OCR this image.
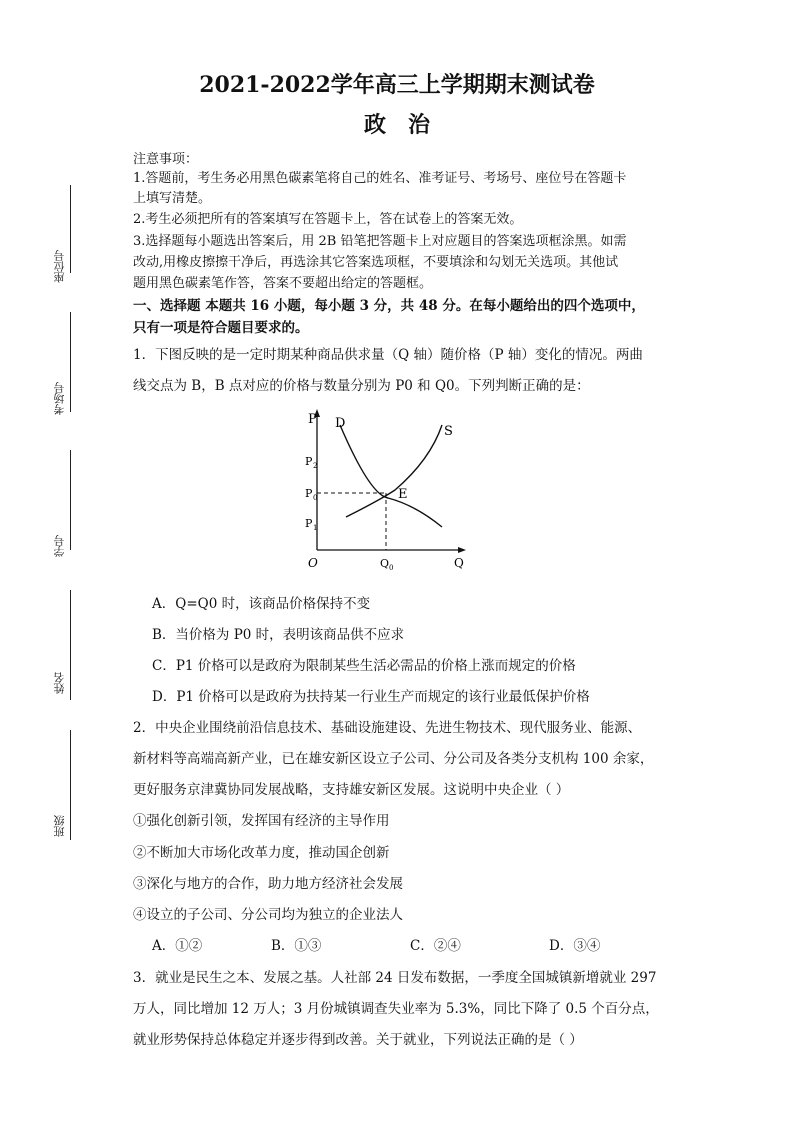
2021-2022学年高三上学期期末测试卷
政治
座位号
考场号
学号
姓名
班级
注意事项：
1.答题前，考生务必用黑色碳素笔将自己的姓名、准考证号、考场号、座位号在答题卡
上填写清楚。
2.考生必须把所有的答案填写在答题卡上，答在试卷上的答案无效。
3.选择题每小题选出答案后，用 2B 铅笔把答题卡上对应题目的答案选项框涂黑。如需
改动,用橡皮擦擦干净后，再选涂其它答案选项框，不要填涂和勾划无关选项。其他试
题用黑色碳素笔作答，答案不要超出给定的答题框。
一、选择题 本题共 16 小题，每小题 3 分，共 48 分。在每小题给出的四个选项中，
只有一项是符合题目要求的。
1．下图反映的是一定时期某种商品供求量（Q 轴）随价格（P 轴）变化的情况。两曲
线交点为 B，B 点对应的价格与数量分别为 P0 和 Q0。下列判断正确的是：
P D
S
E
P 2
P 0
P 1
O	Q 0	Q
A．Q=Q0 时，该商品价格保持不变
B．当价格为 P0 时，表明该商品供不应求
C．P1 价格可以是政府为限制某些生活必需品的价格上涨而规定的价格
D．P1 价格可以是政府为扶持某一行业生产而规定的该行业最低保护价格
2．中央企业围绕前沿信息技术、基础设施建设、先进生物技术、现代服务业、能源、
新材料等高端高新产业，已在雄安新区设立子公司、分公司及各类分支机构 100 余家，
更好服务京津冀协同发展战略，支持雄安新区发展。这说明中央企业（ ）
①强化创新引领，发挥国有经济的主导作用
②不断加大市场化改革力度，推动国企创新
③深化与地方的合作，助力地方经济社会发展
④设立的子公司、分公司均为独立的企业法人
A．①②	B．①③	C．②④	D．③④
3．就业是民生之本、发展之基。人社部 24 日发布数据，一季度全国城镇新增就业 297
万人，同比增加 12 万人；3 月份城镇调查失业率为 5.3%，同比下降了 0.5 个百分点，
就业形势保持总体稳定并逐步得到改善。关于就业，下列说法正确的是（ ）
